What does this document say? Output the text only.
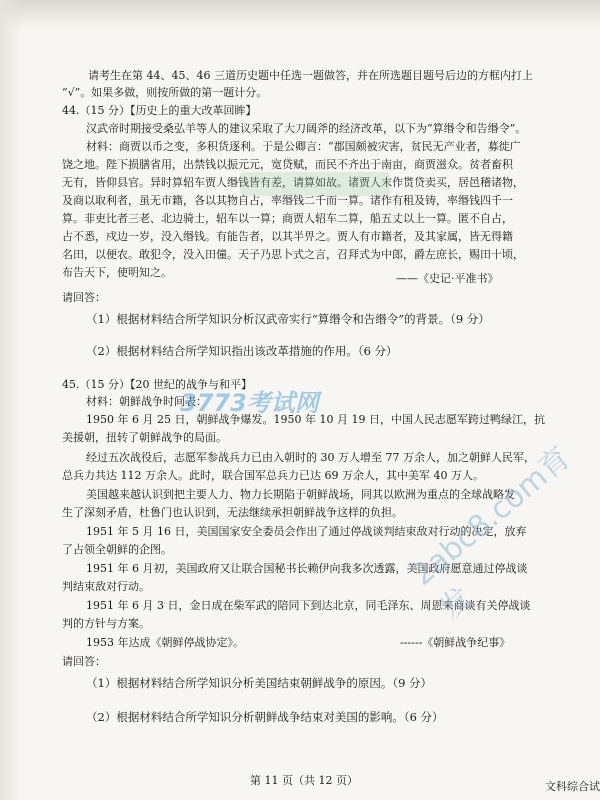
请考生在第 44、45、46 三道历史题中任选一题做答，并在所选题目题号后边的方框内打上
“√”。如果多做，则按所做的第一题计分。
44.（15 分）【历史上的重大改革回眸】
汉武帝时期接受桑弘羊等人的建议采取了大刀阔斧的经济改革，以下为“算缗令和告缗令”。
材料：商贾以币之变，多积货逐利。于是公卿言：“郡国颇被灾害，贫民无产业者，募徙广
饶之地。陛下损膳省用，出禁钱以振元元，宽贷赋，而民不齐出于南亩，商贾滋众。贫者畜积
无有，皆仰县官。异时算轺车贾人缗钱皆有差，请算如故。诸贾人末作贳贷卖买，居邑稽诸物，
及商以取利者，虽无市籍，各以其物自占，率缗钱二千而一算。诸作有租及铸，率缗钱四千一
算。非吏比者三老、北边骑士，轺车以一算；商贾人轺车二算，船五丈以上一算。匿不自占，
占不悉，戍边一岁，没入缗钱。有能告者，以其半畀之。贾人有市籍者，及其家属，皆无得籍
名田，以便农。敢犯令，没入田僮。天子乃思卜式之言，召拜式为中郎，爵左庶长，赐田十顷，
布告天下，使明知之。	——《史记·平准书》
请回答：
（1）根据材料结合所学知识分析汉武帝实行“算缗令和告缗令”的背景。（9 分）
（2）根据材料结合所学知识指出该改革措施的作用。（6 分）
45.（15 分）【20 世纪的战争与和平】
材料：朝鲜战争时间表：
1950 年 6 月 25 日，朝鲜战争爆发。1950 年 10 月 19 日，中国人民志愿军跨过鸭绿江，抗
美援朝，扭转了朝鲜战争的局面。
经过五次战役后，志愿军参战兵力已由入朝时的 30 万人增至 77 万余人，加之朝鲜人民军，
总兵力共达 112 万余人。此时，联合国军总兵力已达 69 万余人，其中美军 40 万人。
美国越来越认识到把主要人力、物力长期陷于朝鲜战场，同其以欧洲为重点的全球战略发
生了深刻矛盾，杜鲁门也认识到，无法继续承担朝鲜战争这样的负担。
1951 年 5 月 16 日，美国国家安全委员会作出了通过停战谈判结束敌对行动的决定，放弃
了占领全朝鲜的企图。
1951 年 6 月初，美国政府又让联合国秘书长赖伊向我多次透露，美国政府愿意通过停战谈
判结束敌对行动。
1951 年 6 月 3 日，金日成在柴军武的陪同下到达北京，同毛泽东、周恩来商谈有关停战谈
判的方针与方案。
1953 年达成《朝鲜停战协定》。	------《朝鲜战争纪事》
请回答：
（1）根据材料结合所学知识分析美国结束朝鲜战争的原因。（9 分）
（2）根据材料结合所学知识分析朝鲜战争结束对美国的影响。（6 分）
第 11 页（共 12 页）	文科综合试
3773考试网
2abc8.com育发
